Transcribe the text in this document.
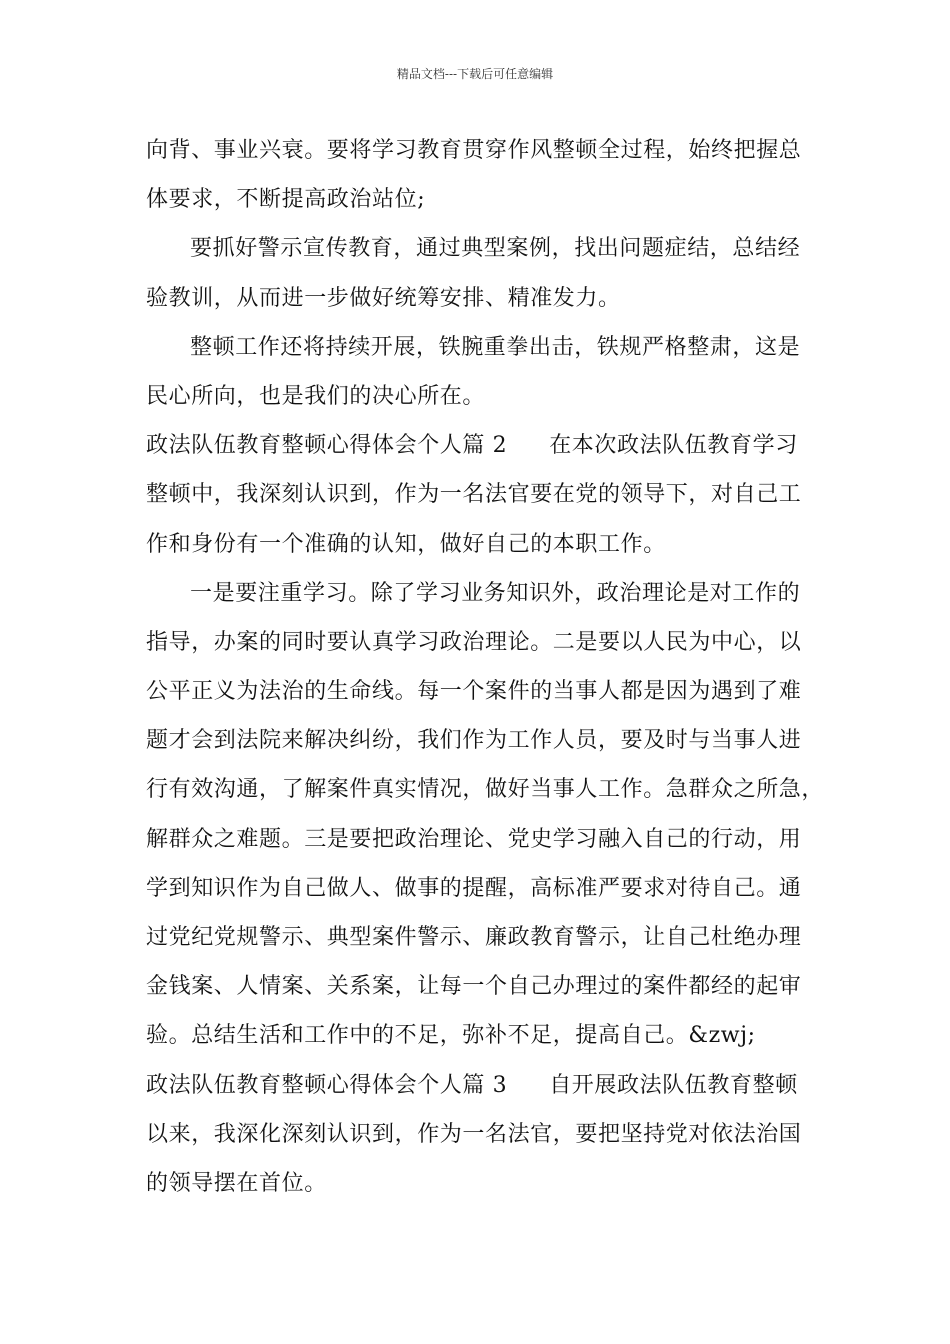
精品文档---下载后可任意编辑
向背、事业兴衰。要将学习教育贯穿作风整顿全过程，始终把握总
体要求，不断提高政治站位;
要抓好警示宣传教育，通过典型案例，找出问题症结，总结经
验教训，从而进一步做好统筹安排、精准发力。
整顿工作还将持续开展，铁腕重拳出击，铁规严格整肃，这是
民心所向，也是我们的决心所在。
政法队伍教育整顿心得体会个人篇 2 在本次政法队伍教育学习
整顿中，我深刻认识到，作为一名法官要在党的领导下，对自己工
作和身份有一个准确的认知，做好自己的本职工作。
一是要注重学习。除了学习业务知识外，政治理论是对工作的
指导，办案的同时要认真学习政治理论。二是要以人民为中心，以
公平正义为法治的生命线。每一个案件的当事人都是因为遇到了难
题才会到法院来解决纠纷，我们作为工作人员，要及时与当事人进
行有效沟通，了解案件真实情况，做好当事人工作。急群众之所急，
解群众之难题。三是要把政治理论、党史学习融入自己的行动，用
学到知识作为自己做人、做事的提醒，高标准严要求对待自己。通
过党纪党规警示、典型案件警示、廉政教育警示，让自己杜绝办理
金钱案、人情案、关系案，让每一个自己办理过的案件都经的起审
验。总结生活和工作中的不足，弥补不足，提高自己。&zwj;
政法队伍教育整顿心得体会个人篇 3 自开展政法队伍教育整顿
以来，我深化深刻认识到，作为一名法官，要把坚持党对依法治国
的领导摆在首位。
